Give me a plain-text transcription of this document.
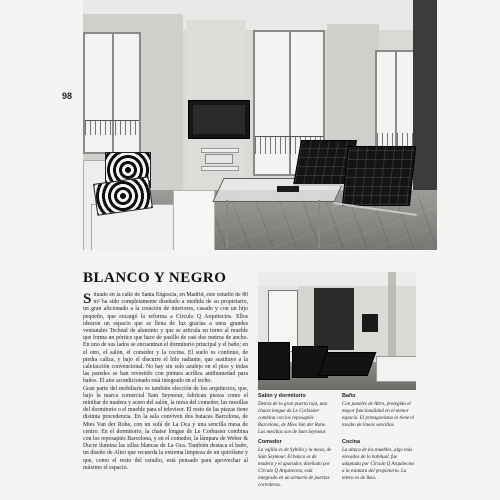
98
BLANCO Y NEGRO

Situado en la calle de Santa Engracia, en Madrid, este estudio de 80 m² ha sido completamente diseñado a medida de su propietario, un gran aficionado a la creación de interiores, casado y con un hijo pequeño, que encargó la reforma a Círculo Q Arquitectos. Ellos idearon un espacio que se llena de luz gracias a unos grandes ventanales Technal de aluminio y que se articula en torno al mueble que forma un pórtico que hace de pasillo de casi dos metros de ancho. En uno de sus lados se encuentran el dormitorio principal y el baño; en el otro, el salón, el comedor y la cocina. El suelo es continuo, de piedra caliza, y bajo el discurre el hilo radiante, que sustituye a la calefacción convencional. No hay sin solo azulejo en el piso y todas las paredes se han revestido con pintura acrílica antihumedad para baños. El aire acondicionado está integrado en el techo.

Gran parte del mobiliario es también elección de los arquitectos, que, bajo la marca comercial Sam Seymour, fabrican piezas como el minibar de madera y acero del salón, la mesa del comedor, las mesillas del dormitorio o el mueble para el televisor. El resto de las piezas tiene distinta procedencia. En la sala conviven dos butacas Barcelona, de Mies Van der Rohe, con un sofá de La Oca y una sencilla mesa de centro. En el dormitorio, la chaise longue de Le Corbusier combina con los reposapiés Barcelona, y en el comedor, la lámpara de Weber & Ducre ilumina las sillas blancas de La Oca. También destaca el baño, un diseño de Altro que recuerda la extrema limpieza de un quirófano y que, como el resto del estudio, está pensado para aprovechar al máximo el espacio.

Salón y dormitorio
Detrás de la gran puerta roja, una chaise longue de Le Corbusier combina con los reposapiés Barcelona, de Mies Van der Rohe. Las mesillas son de Sam Seymour.
Baño
Con paneles de Altro, protegido el mayor funcionalidad en el menor espacio. El protagonismo lo tiene el lavabo de líneas sencillas.
Comedor
La vajilla es de Sybilla y la mesa, de Sam Seymour. El banco es de madera y el aparador, diseñado por Círculo Q Arquitectos, está integrado en un armario de puertas correderas.
Cocina
La altura de los muebles, algo más elevados de lo habitual, fue adaptada por Círculo Q Arquitectos a la estatura del propietario. La tetera es de Ikea.
